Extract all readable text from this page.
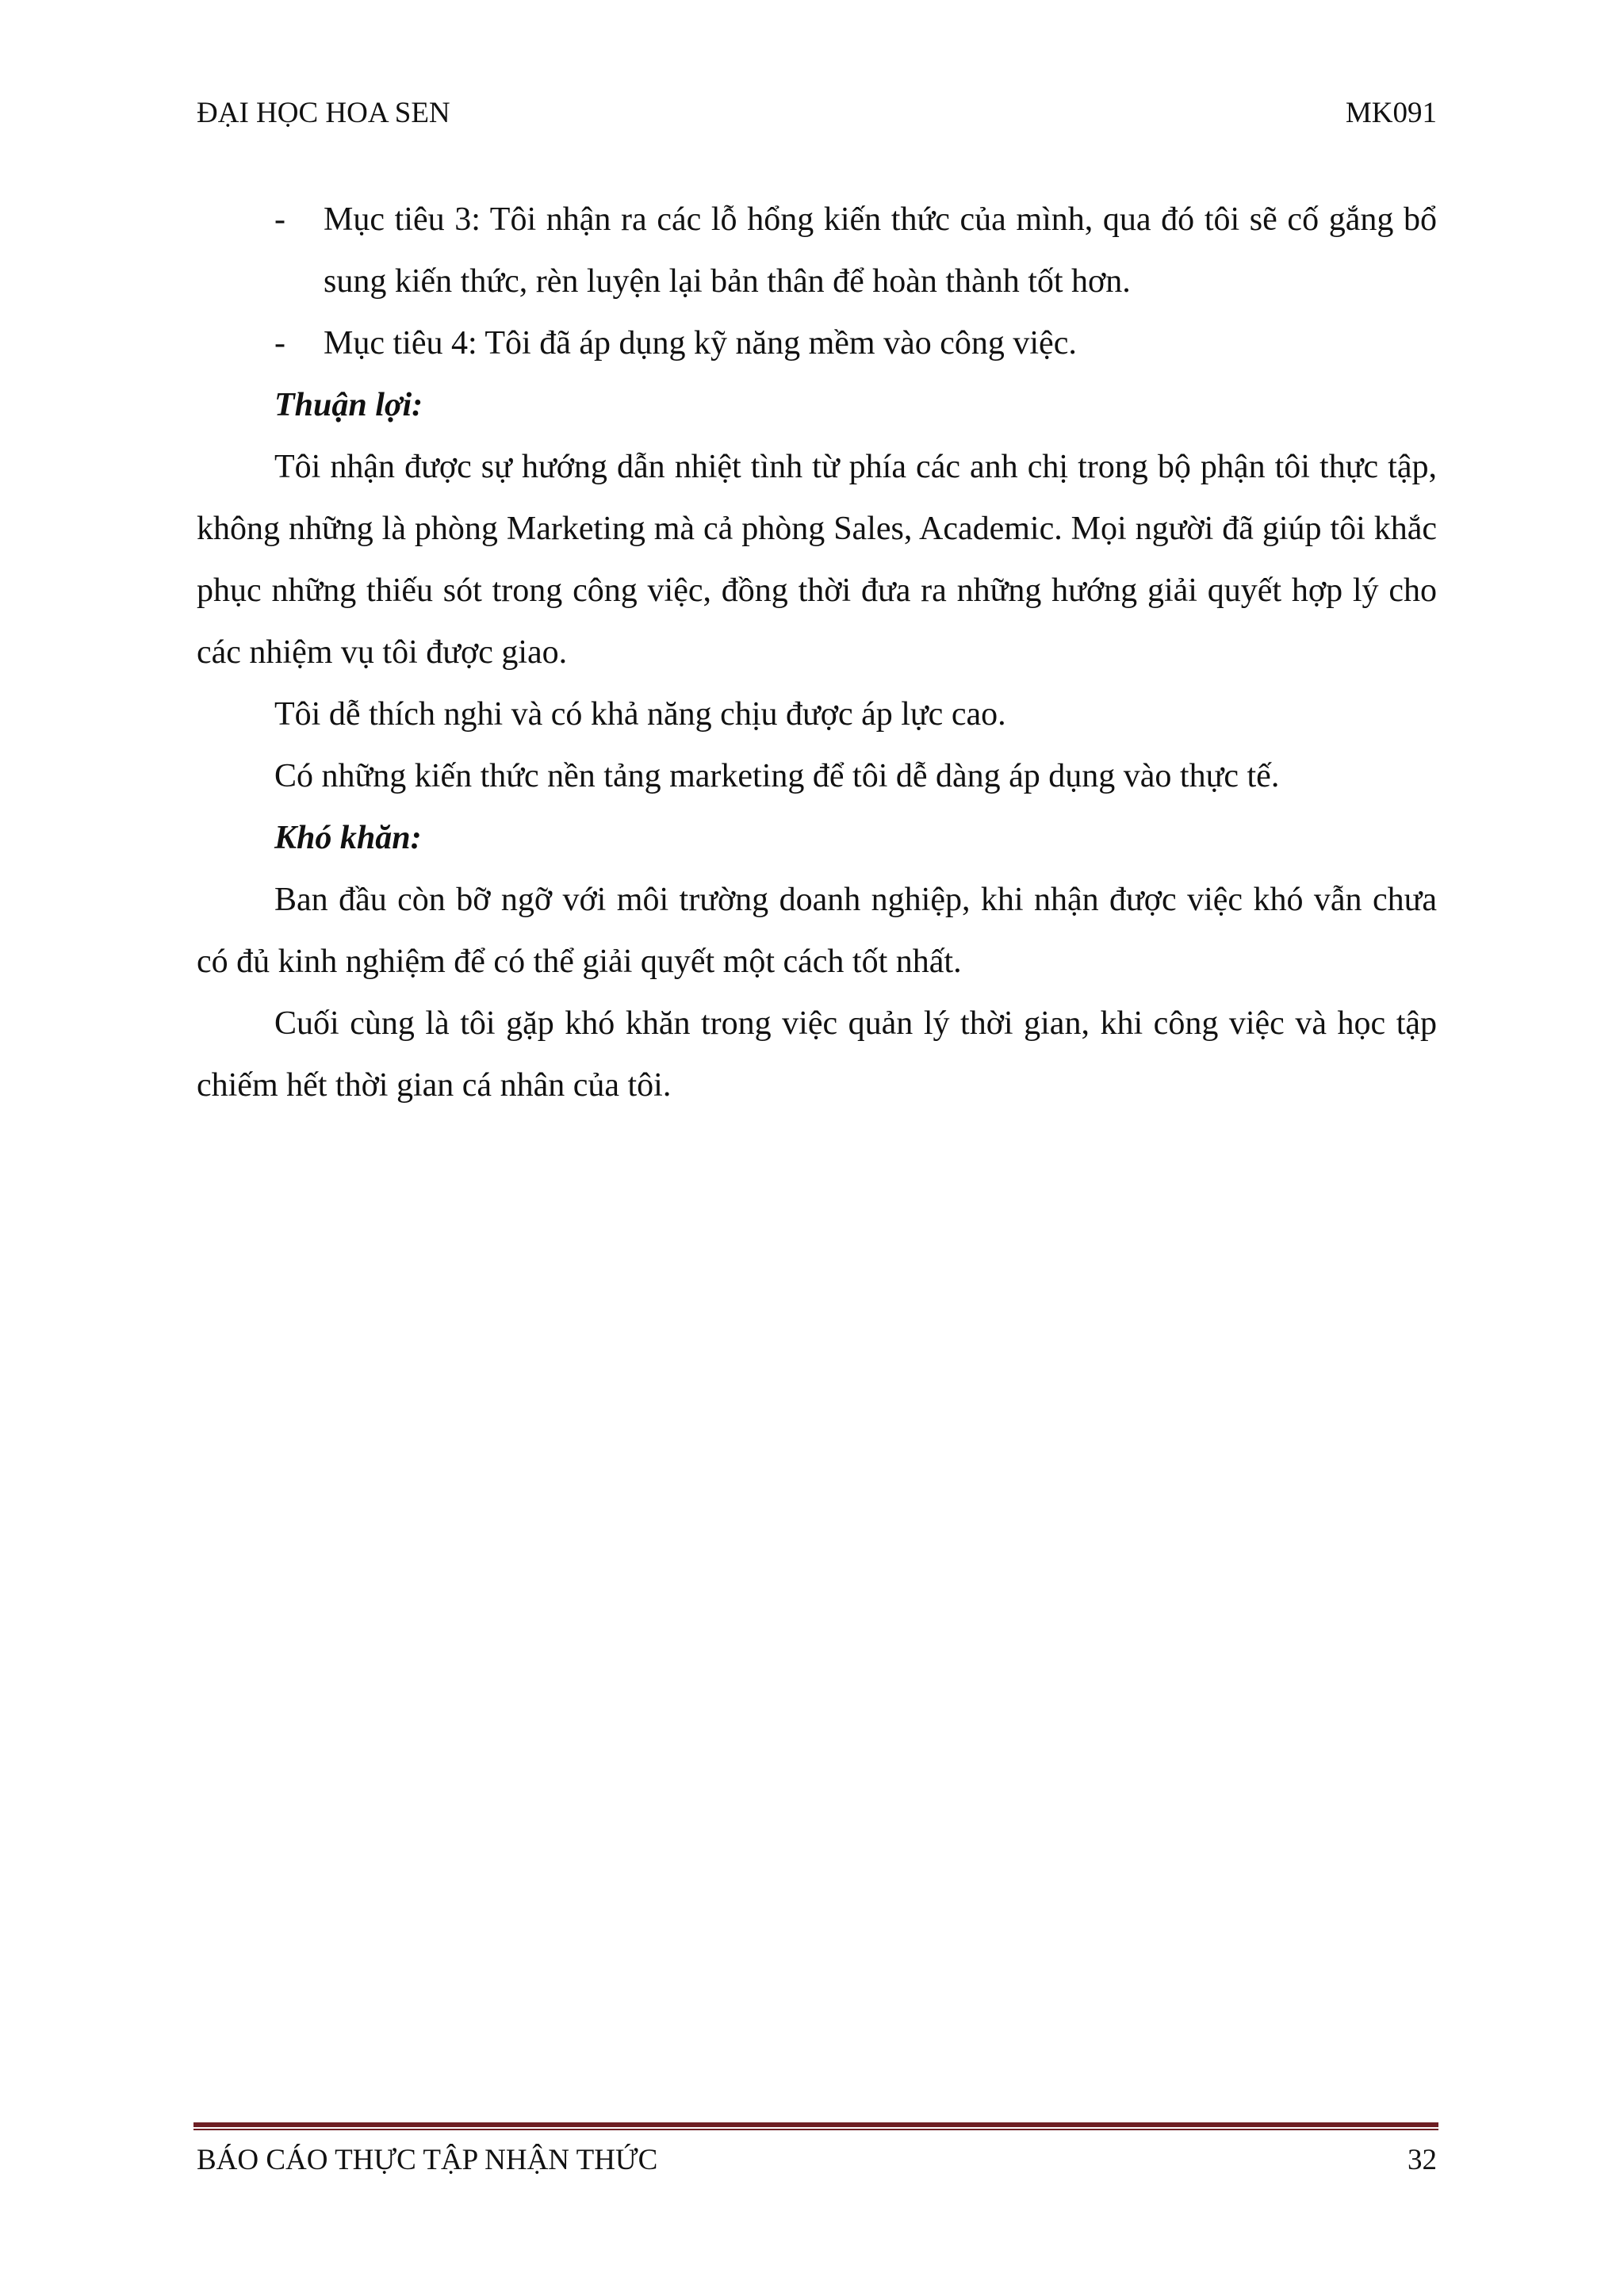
ĐẠI HỌC HOA SEN	MK091
- Mục tiêu 3: Tôi nhận ra các lỗ hổng kiến thức của mình, qua đó tôi sẽ cố gắng bổ sung kiến thức, rèn luyện lại bản thân để hoàn thành tốt hơn.
- Mục tiêu 4: Tôi đã áp dụng kỹ năng mềm vào công việc.

Thuận lợi:

Tôi nhận được sự hướng dẫn nhiệt tình từ phía các anh chị trong bộ phận tôi thực tập, không những là phòng Marketing mà cả phòng Sales, Academic. Mọi người đã giúp tôi khắc phục những thiếu sót trong công việc, đồng thời đưa ra những hướng giải quyết hợp lý cho các nhiệm vụ tôi được giao.

Tôi dễ thích nghi và có khả năng chịu được áp lực cao.

Có những kiến thức nền tảng marketing để tôi dễ dàng áp dụng vào thực tế.

Khó khăn:

Ban đầu còn bỡ ngỡ với môi trường doanh nghiệp, khi nhận được việc khó vẫn chưa có đủ kinh nghiệm để có thể giải quyết một cách tốt nhất.

Cuối cùng là tôi gặp khó khăn trong việc quản lý thời gian, khi công việc và học tập chiếm hết thời gian cá nhân của tôi.

BÁO CÁO THỰC TẬP NHẬN THỨC	32
